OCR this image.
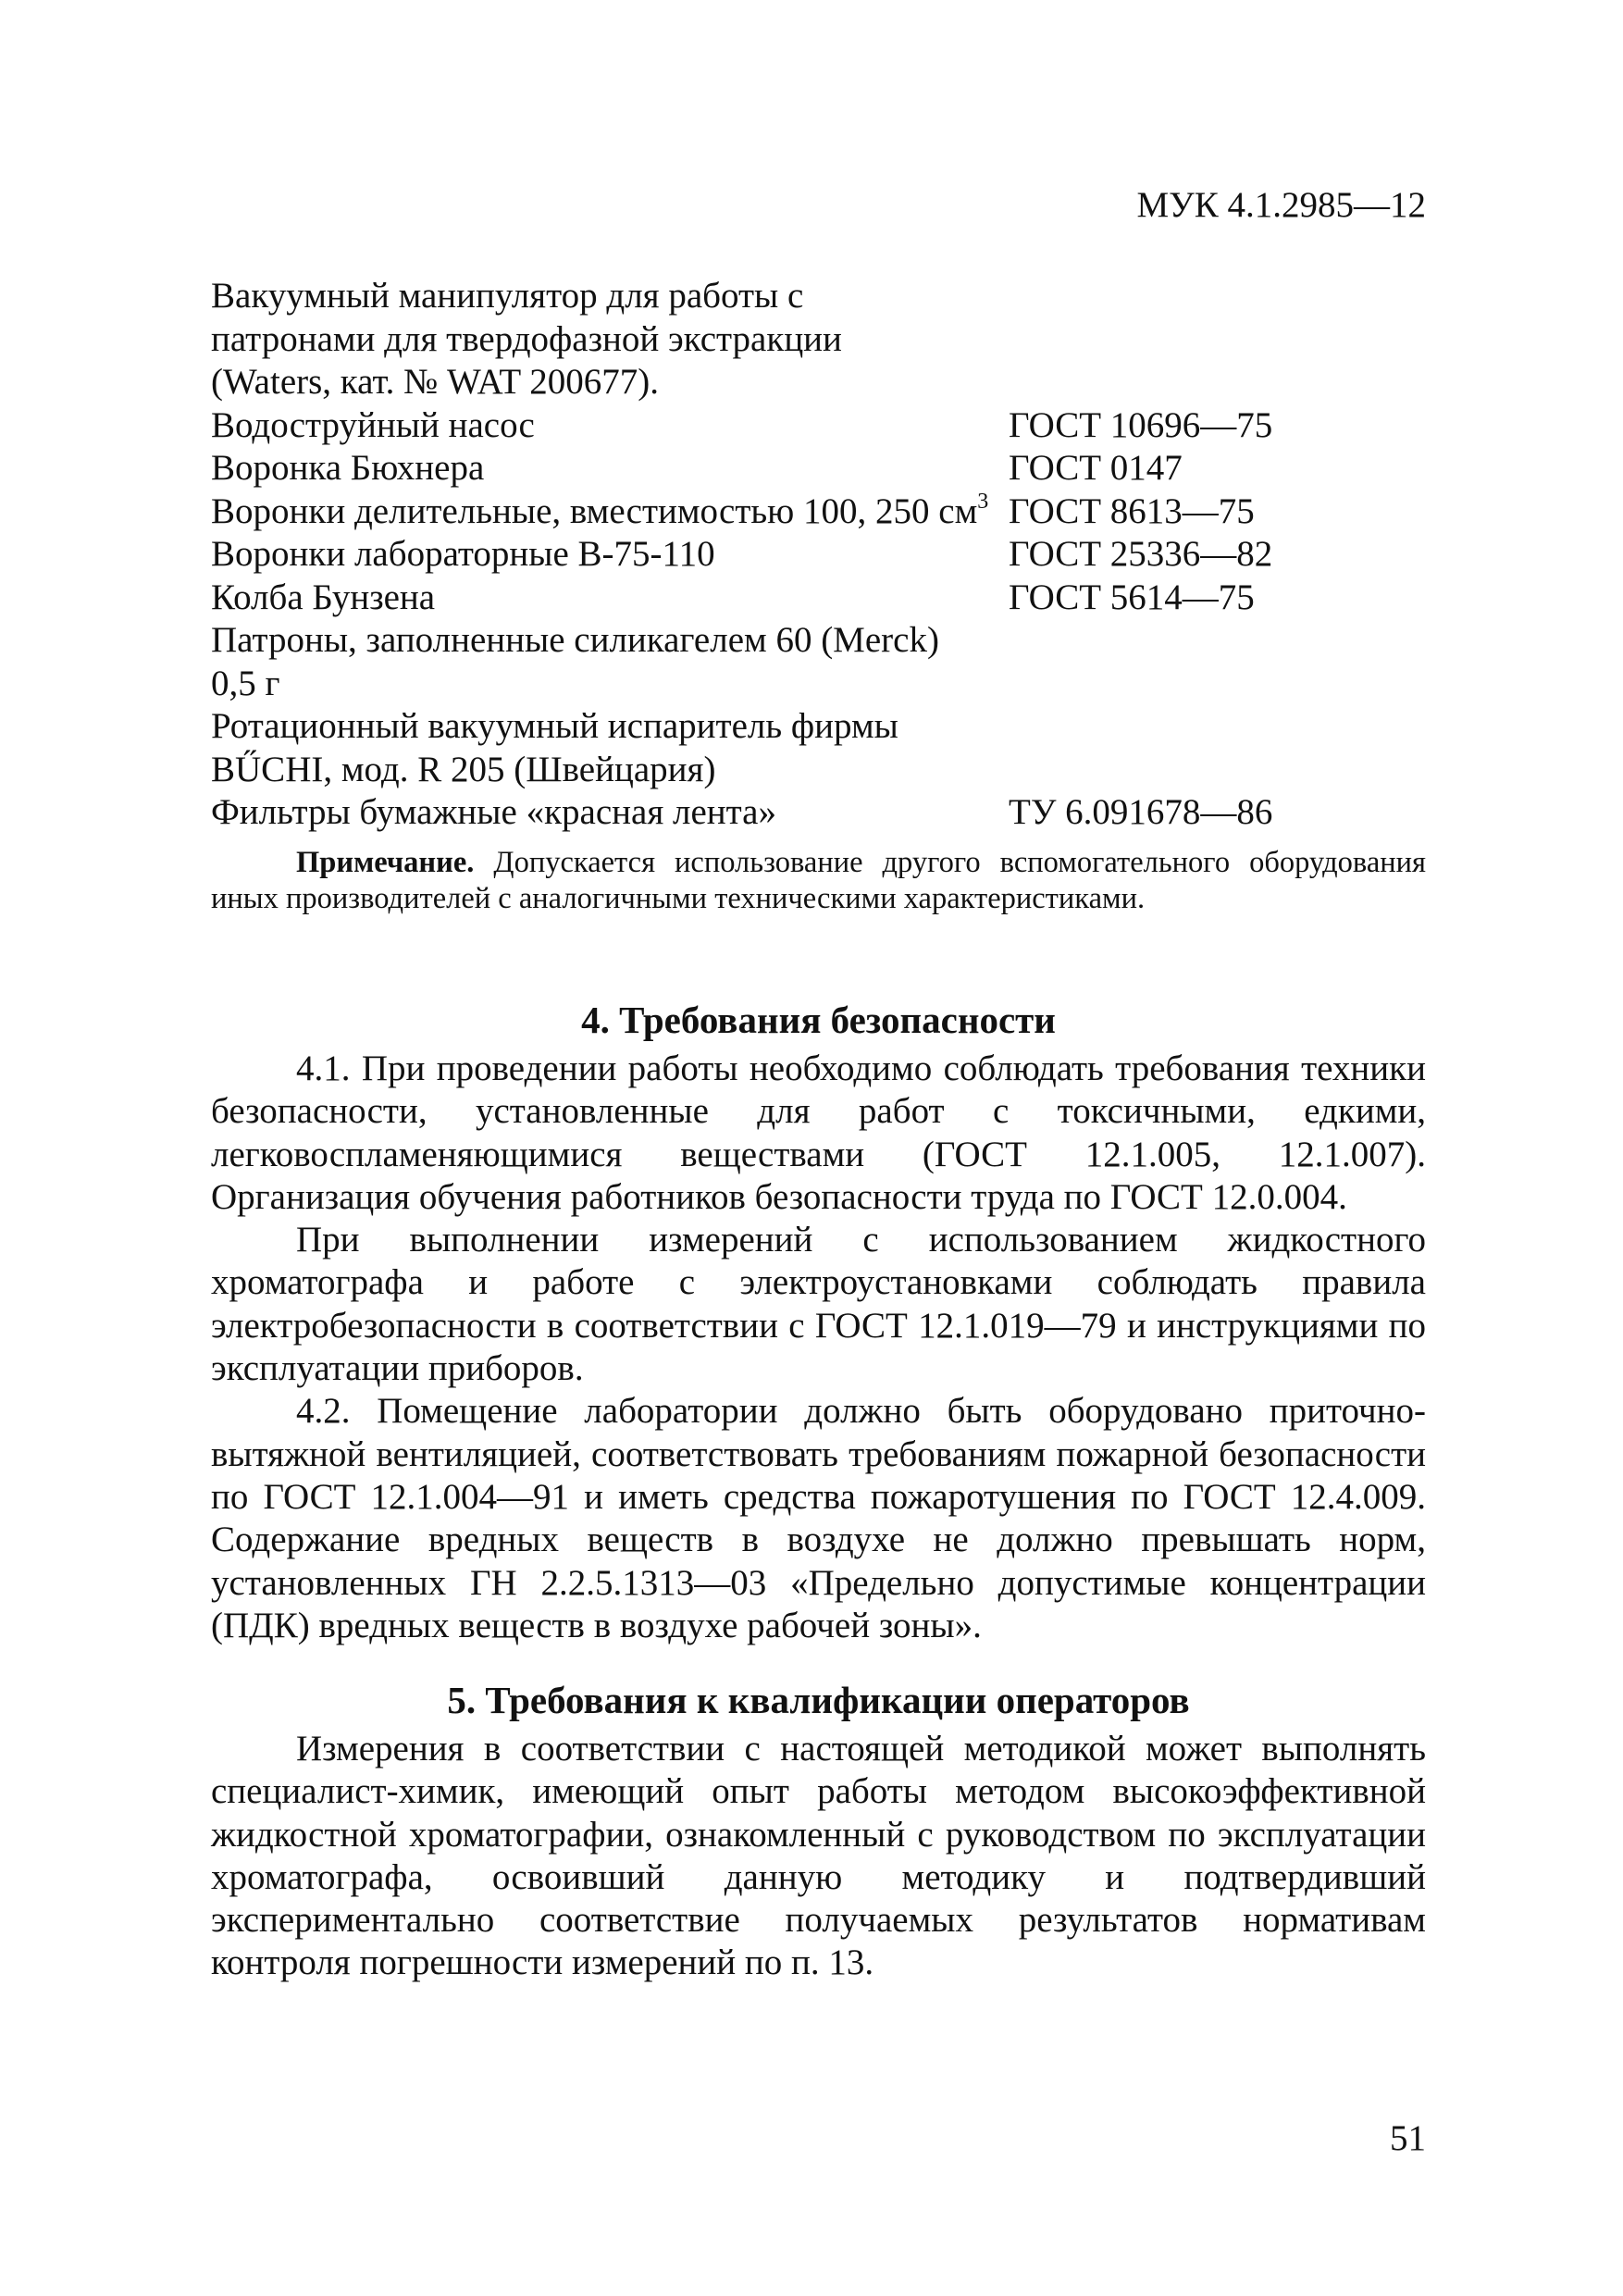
МУК 4.1.2985—12
Вакуумный манипулятор для работы с
патронами для твердофазной экстракции
(Waters, кат. № WAT 200677).
Водоструйный насос	ГОСТ 10696—75
Воронка Бюхнера	ГОСТ 0147
Воронки делительные, вместимостью 100, 250 $см^3$ ГОСТ 8613—75
Воронки лабораторные В-75-110	ГОСТ 25336—82
Колба Бунзена	ГОСТ 5614—75
Патроны, заполненные силикагелем 60 (Merck)
0,5 г
Ротационный вакуумный испаритель фирмы
BŰCHI, мод. R 205 (Швейцария)
Фильтры бумажные «красная лента»	ТУ 6.091678—86
Примечание. Допускается использование другого вспомогательного оборудования иных производителей с аналогичными техническими характеристиками.
4. Требования безопасности

4.1. При проведении работы необходимо соблюдать требования техники безопасности, установленные для работ с токсичными, едкими, легковоспламеняющимися веществами (ГОСТ 12.1.005, 12.1.007). Организация обучения работников безопасности труда по ГОСТ 12.0.004.

При выполнении измерений с использованием жидкостного хроматографа и работе с электроустановками соблюдать правила электробезопасности в соответствии с ГОСТ 12.1.019—79 и инструкциями по эксплуатации приборов.

4.2. Помещение лаборатории должно быть оборудовано приточно-вытяжной вентиляцией, соответствовать требованиям пожарной безопасности по ГОСТ 12.1.004—91 и иметь средства пожаротушения по ГОСТ 12.4.009. Содержание вредных веществ в воздухе не должно превышать норм, установленных ГН 2.2.5.1313—03 «Предельно допустимые концентрации (ПДК) вредных веществ в воздухе рабочей зоны».

5. Требования к квалификации операторов

Измерения в соответствии с настоящей методикой может выполнять специалист-химик, имеющий опыт работы методом высокоэффективной жидкостной хроматографии, ознакомленный с руководством по эксплуатации хроматографа, освоивший данную методику и подтвердивший экспериментально соответствие получаемых результатов нормативам контроля погрешности измерений по п. 13.

51
